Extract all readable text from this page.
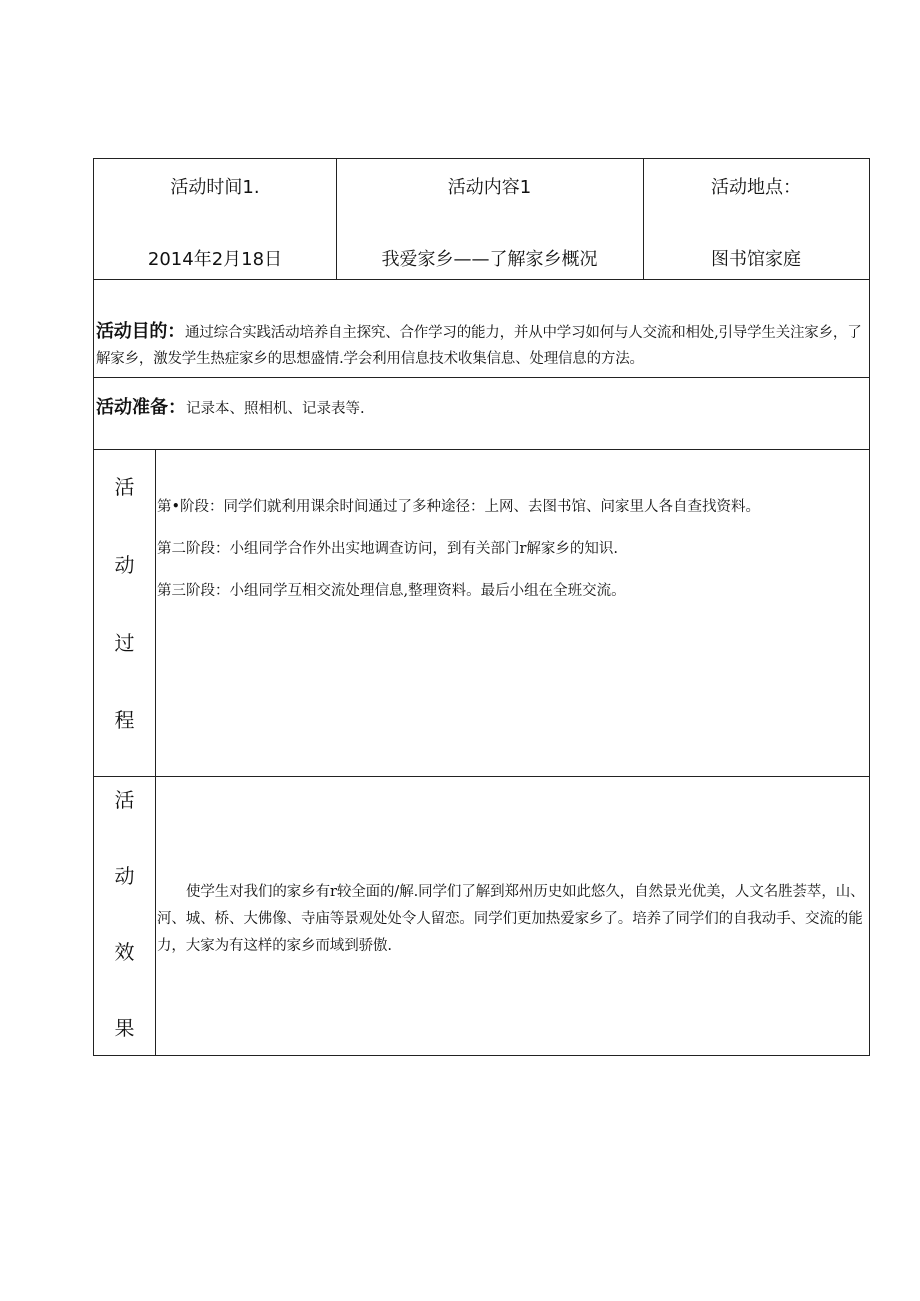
活动时间1.
2014年2月18日
活动内容1
我爱家乡——了解家乡概况
活动地点：
图书馆家庭
活动目的：通过综合实践活动培养自主探究、合作学习的能力，并从中学习如何与人交流和相处,引导学生关注家乡，了解家乡，激发学生热症家乡的思想盛情.学会利用信息技术收集信息、处理信息的方法。
活动准备：记录本、照相机、记录表等.
活
动
过
程
第•阶段：同学们就利用课余时间通过了多种途径：上网、去图书馆、问家里人各自查找资料。
第二阶段：小组同学合作外出实地调查访问，到有关部门r解家乡的知识.
第三阶段：小组同学互相交流处理信息,整理资料。最后小组在全班交流。
活
动
效
果
使学生对我们的家乡有r较全面的/解.同学们了解到郑州历史如此悠久，自然景光优美，人文名胜荟萃，山、河、城、桥、大佛像、寺庙等景观处处令人留恋。同学们更加热爱家乡了。培养了同学们的自我动手、交流的能力，大家为有这样的家乡而域到骄傲.
